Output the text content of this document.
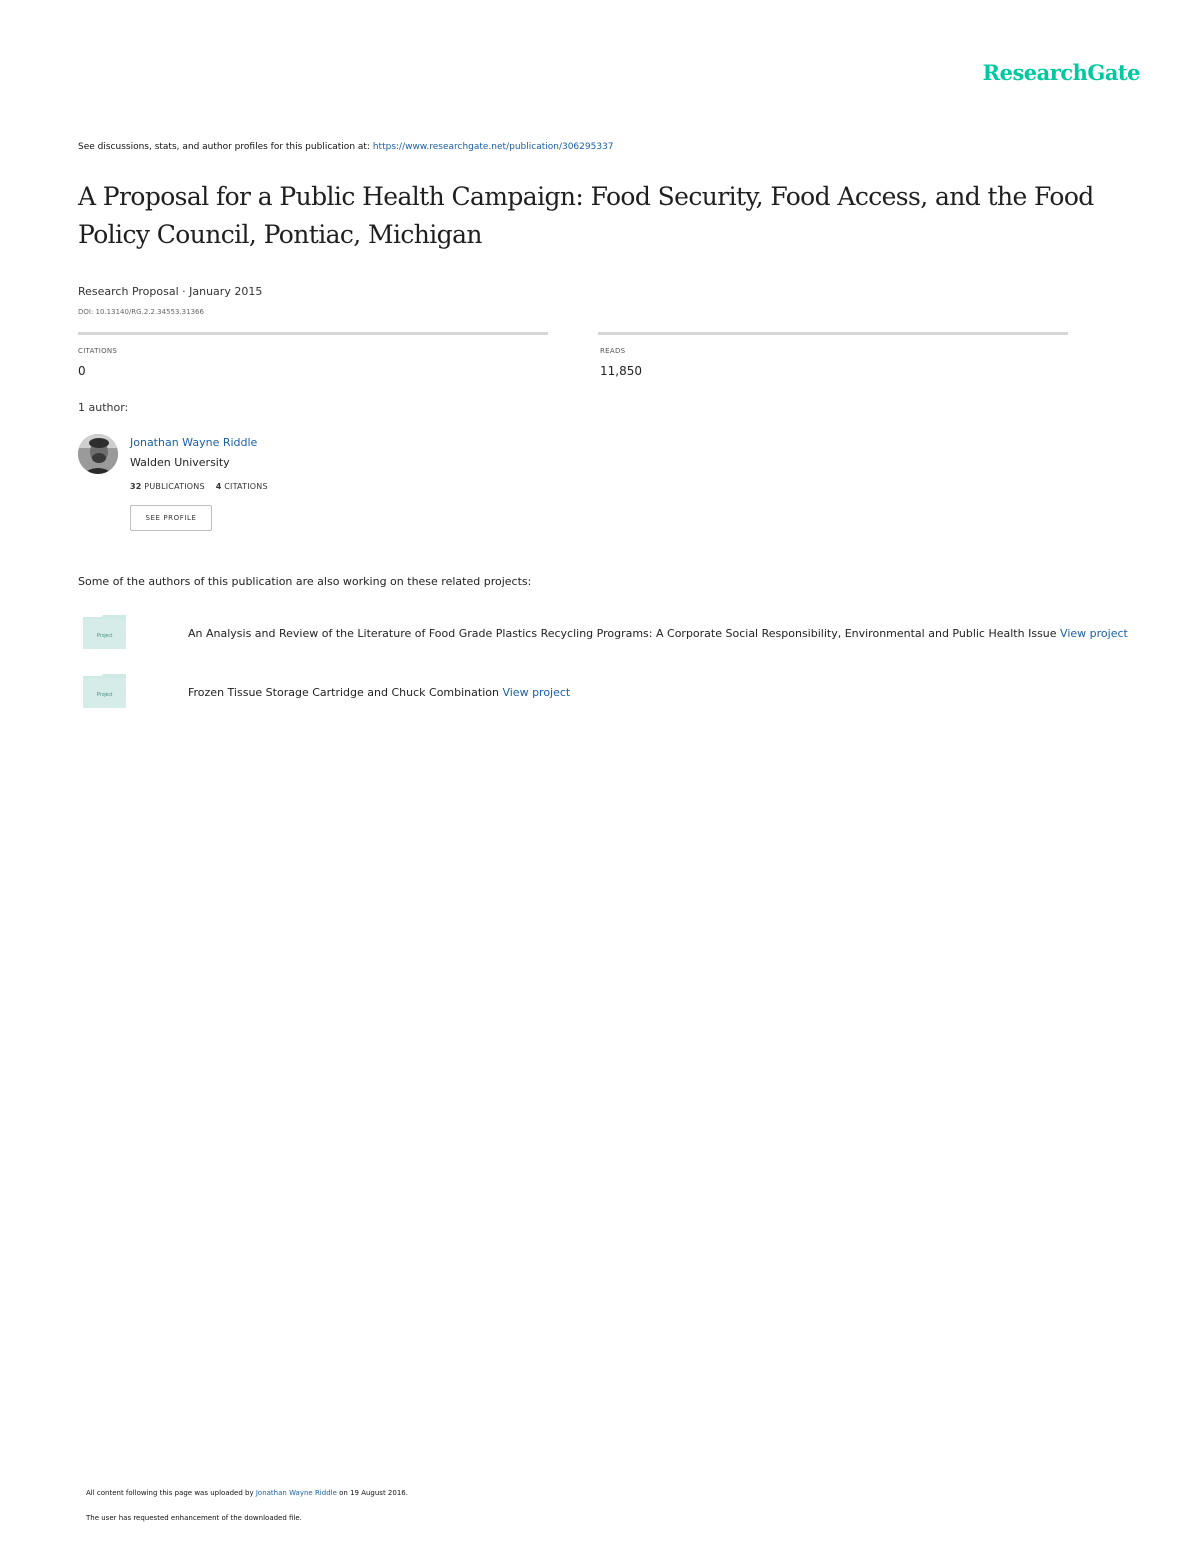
ResearchGate
See discussions, stats, and author profiles for this publication at: https://www.researchgate.net/publication/306295337
A Proposal for a Public Health Campaign: Food Security, Food Access, and the Food Policy Council, Pontiac, Michigan
Research Proposal · January 2015
DOI: 10.13140/RG.2.2.34553.31366
CITATIONS
0
READS
11,850
1 author:
Jonathan Wayne Riddle
Walden University
32 PUBLICATIONS 4 CITATIONS
SEE PROFILE
Some of the authors of this publication are also working on these related projects:
Project	An Analysis and Review of the Literature of Food Grade Plastics Recycling Programs: A Corporate Social Responsibility, Environmental and Public Health Issue View project
Project	Frozen Tissue Storage Cartridge and Chuck Combination View project
All content following this page was uploaded by Jonathan Wayne Riddle on 19 August 2016.
The user has requested enhancement of the downloaded file.
